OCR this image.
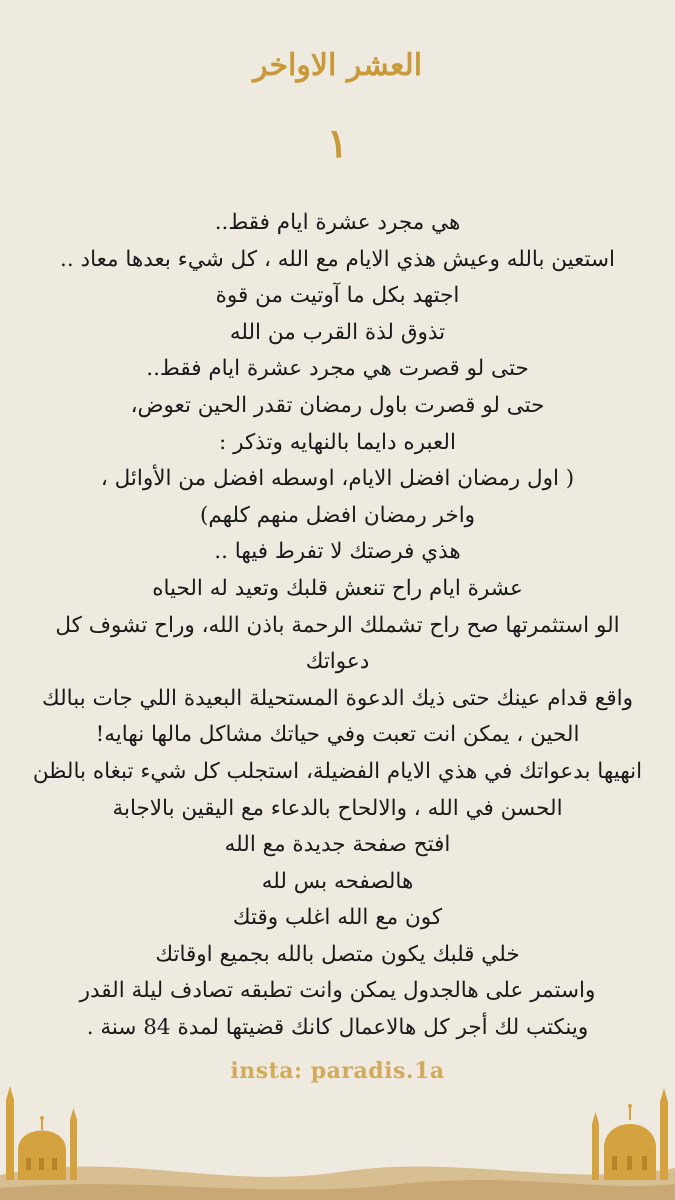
العشر الاواخر
١
هي مجرد عشرة ايام فقط..
استعين بالله وعيش هذي الايام مع الله ، كل شيء بعدها معاد ..
اجتهد بكل ما آوتيت من قوة
تذوق لذة القرب من الله
حتى لو قصرت هي مجرد عشرة ايام فقط..
حتى لو قصرت باول رمضان تقدر الحين تعوض،
العبره دايما بالنهايه وتذكر :
( اول رمضان افضل الايام، اوسطه افضل من الأوائل ،
واخر رمضان افضل منهم كلهم)
هذي فرصتك لا تفرط فيها ..
عشرة ايام راح تنعش قلبك وتعيد له الحياه
الو استثمرتها صح راح تشملك الرحمة باذن الله، وراح تشوف كل
دعواتك
واقع قدام عينك حتى ذيك الدعوة المستحيلة البعيدة اللي جات ببالك
الحين ، يمكن انت تعبت وفي حياتك مشاكل مالها نهايه!
انهيها بدعواتك في هذي الايام الفضيلة، استجلب كل شيء تبغاه بالظن
الحسن في الله ، والالحاح بالدعاء مع اليقين بالاجابة
افتح صفحة جديدة مع الله
هالصفحه بس لله
كون مع الله اغلب وقتك
خلي قلبك يكون متصل بالله بجميع اوقاتك
واستمر على هالجدول يمكن وانت تطبقه تصادف ليلة القدر
وينكتب لك أجر كل هالاعمال كانك قضيتها لمدة 84 سنة .
insta: paradis.1a
